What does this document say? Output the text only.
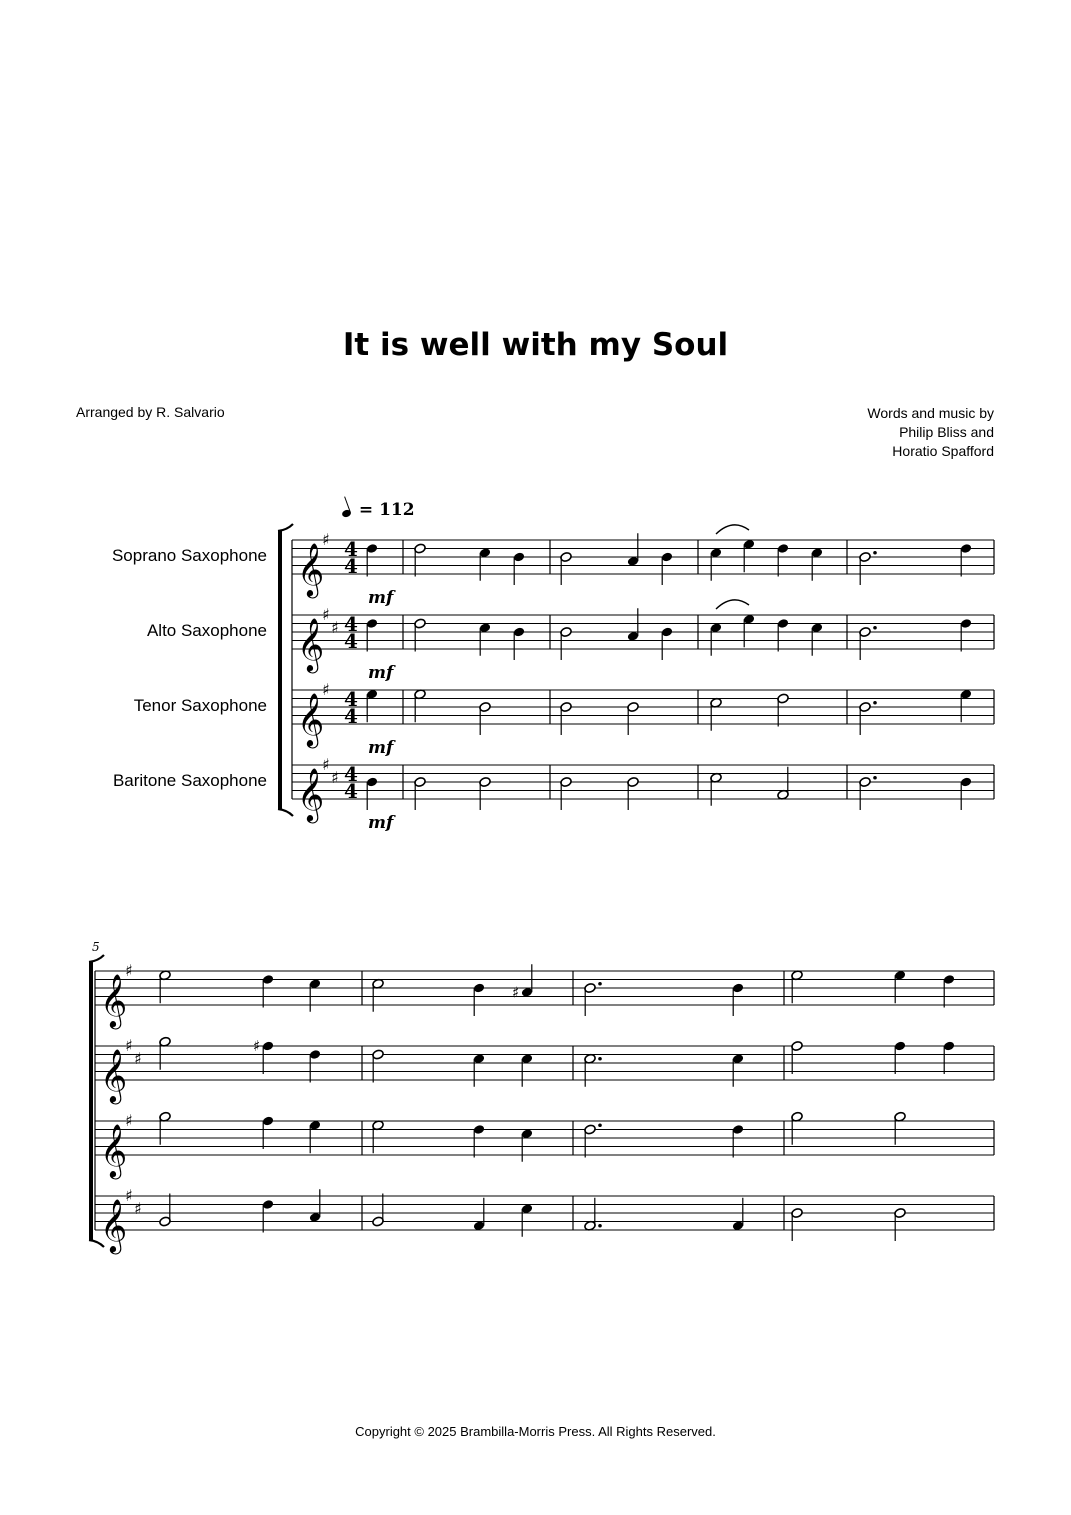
It is well with my Soul
Arranged by R. Salvario	Words and music by
Philip Bliss and
Horatio Spafford
= 112
Soprano Saxophone
Alto Saxophone
Tenor Saxophone
Baritone Saxophone
𝄞
♯ 4
4
mf
𝄞
♯
♯ 4
4
mf
𝄞
♯ 4
4
mf
𝄞
♯
♯ 4
4
mf
𝄞
♯
♯
𝄞
♯
♯
♯
𝄞
♯
𝄞
♯
♯
5
Copyright © 2025 Brambilla-Morris Press. All Rights Reserved.
